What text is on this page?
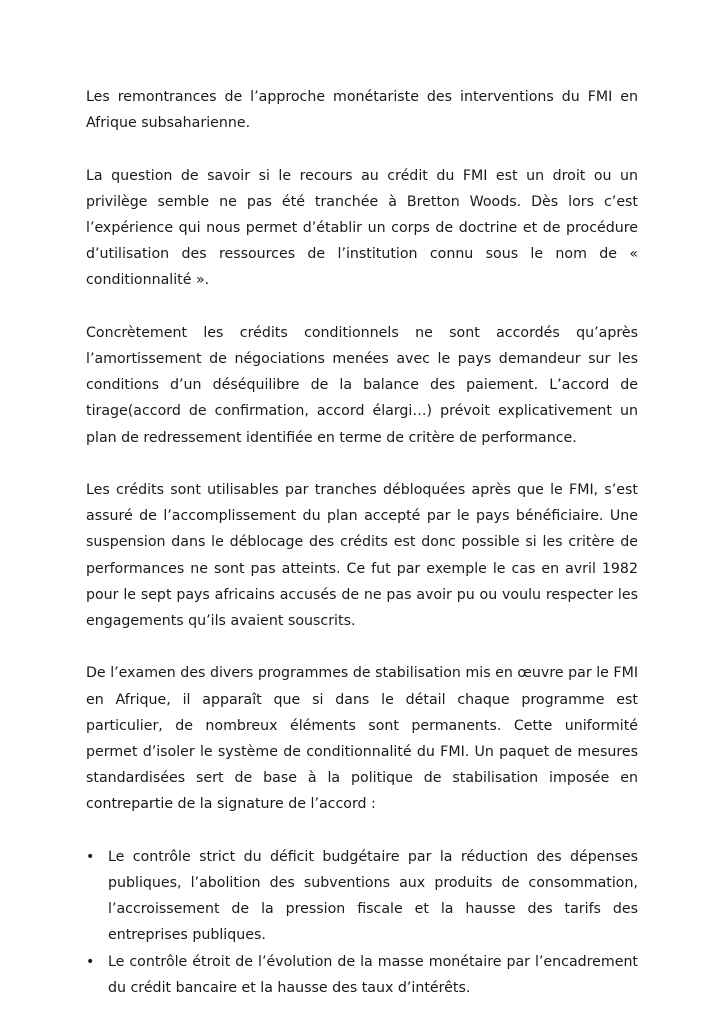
Les remontrances de l’approche monétariste des interventions du FMI en Afrique subsaharienne.

La question de savoir si le recours au crédit du FMI est un droit ou un privilège semble ne pas été tranchée à Bretton Woods. Dès lors c’est l’expérience qui nous permet d’établir un corps de doctrine et de procédure d’utilisation des ressources de l’institution connu sous le nom de « conditionnalité ».

Concrètement les crédits conditionnels ne sont accordés qu’après l’amortissement de négociations menées avec le pays demandeur sur les conditions d’un déséquilibre de la balance des paiement. L’accord de tirage(accord de confirmation, accord élargi…) prévoit explicativement un plan de redressement identifiée en terme de critère de performance.

Les crédits sont utilisables par tranches débloquées après que le FMI, s’est assuré de l’accomplissement du plan accepté par le pays bénéficiaire. Une suspension dans le déblocage des crédits est donc possible si les critère de performances ne sont pas atteints. Ce fut par exemple le cas en avril 1982 pour le sept pays africains accusés de ne pas avoir pu ou voulu respecter les engagements qu’ils avaient souscrits.

De l’examen des divers programmes de stabilisation mis en œuvre par le FMI en Afrique, il apparaît que si dans le détail chaque programme est particulier, de nombreux éléments sont permanents. Cette uniformité permet d’isoler le système de conditionnalité du FMI. Un paquet de mesures standardisées sert de base à la politique de stabilisation imposée en contrepartie de la signature de l’accord :

• Le contrôle strict du déficit budgétaire par la réduction des dépenses publiques, l’abolition des subventions aux produits de consommation, l’accroissement de la pression fiscale et la hausse des tarifs des entreprises publiques.
• Le contrôle étroit de l’évolution de la masse monétaire par l’encadrement du crédit bancaire et la hausse des taux d’intérêts.
